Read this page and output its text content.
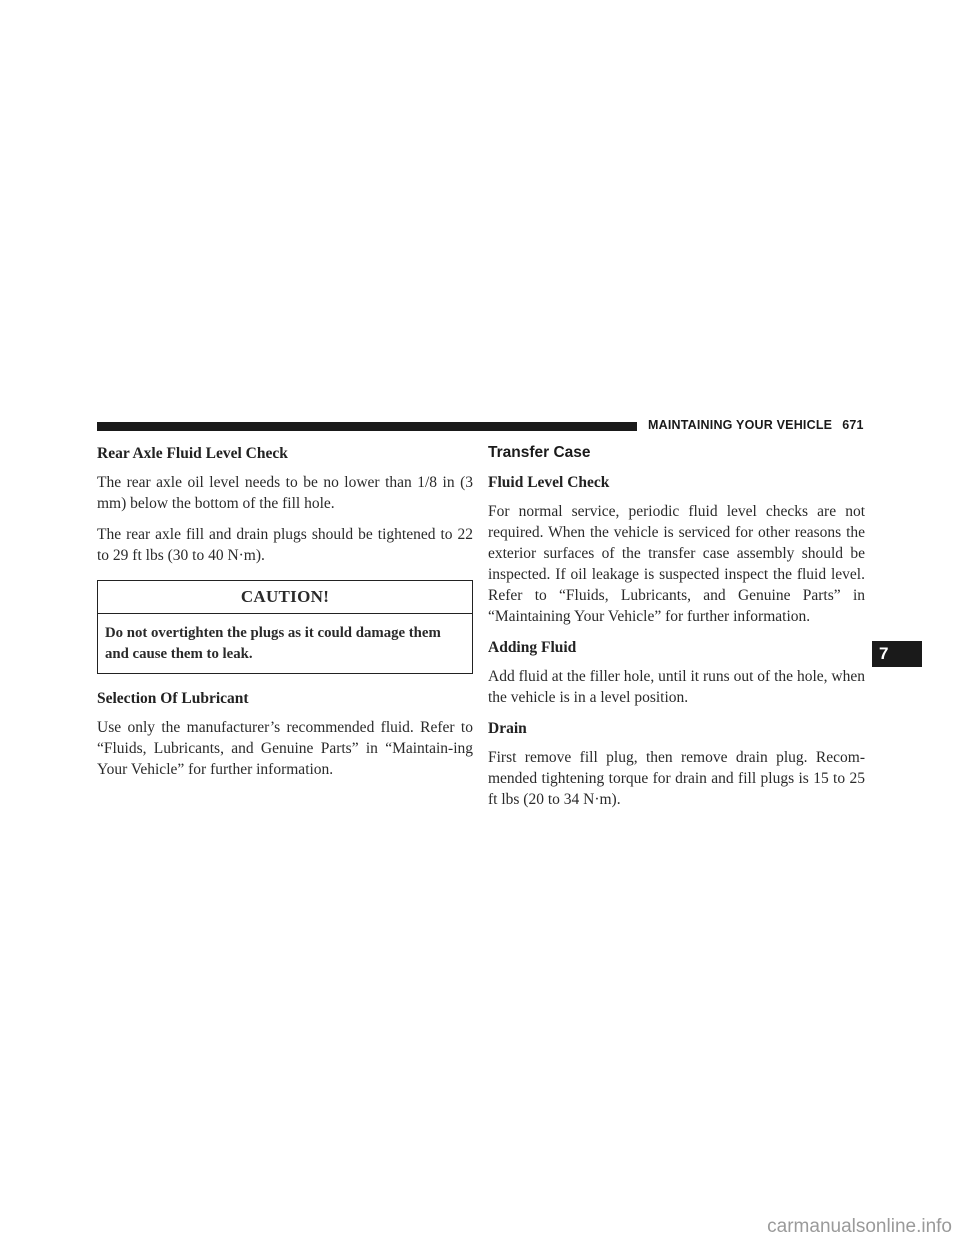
MAINTAINING YOUR VEHICLE 671
Rear Axle Fluid Level Check

The rear axle oil level needs to be no lower than 1/8 in (3 mm) below the bottom of the fill hole.

The rear axle fill and drain plugs should be tightened to 22 to 29 ft lbs (30 to 40 N·m).

CAUTION!
Do not overtighten the plugs as it could damage them and cause them to leak.
Selection Of Lubricant

Use only the manufacturer’s recommended fluid. Refer to “Fluids, Lubricants, and Genuine Parts” in “Maintain-ing Your Vehicle” for further information.

Transfer Case
Fluid Level Check

For normal service, periodic fluid level checks are not required. When the vehicle is serviced for other reasons the exterior surfaces of the transfer case assembly should be inspected. If oil leakage is suspected inspect the fluid level. Refer to “Fluids, Lubricants, and Genuine Parts” in “Maintaining Your Vehicle” for further information.

Adding Fluid

Add fluid at the filler hole, until it runs out of the hole, when the vehicle is in a level position.

Drain

First remove fill plug, then remove drain plug. Recom-mended tightening torque for drain and fill plugs is 15 to 25 ft lbs (20 to 34 N·m).

7
carmanualsonline.info
